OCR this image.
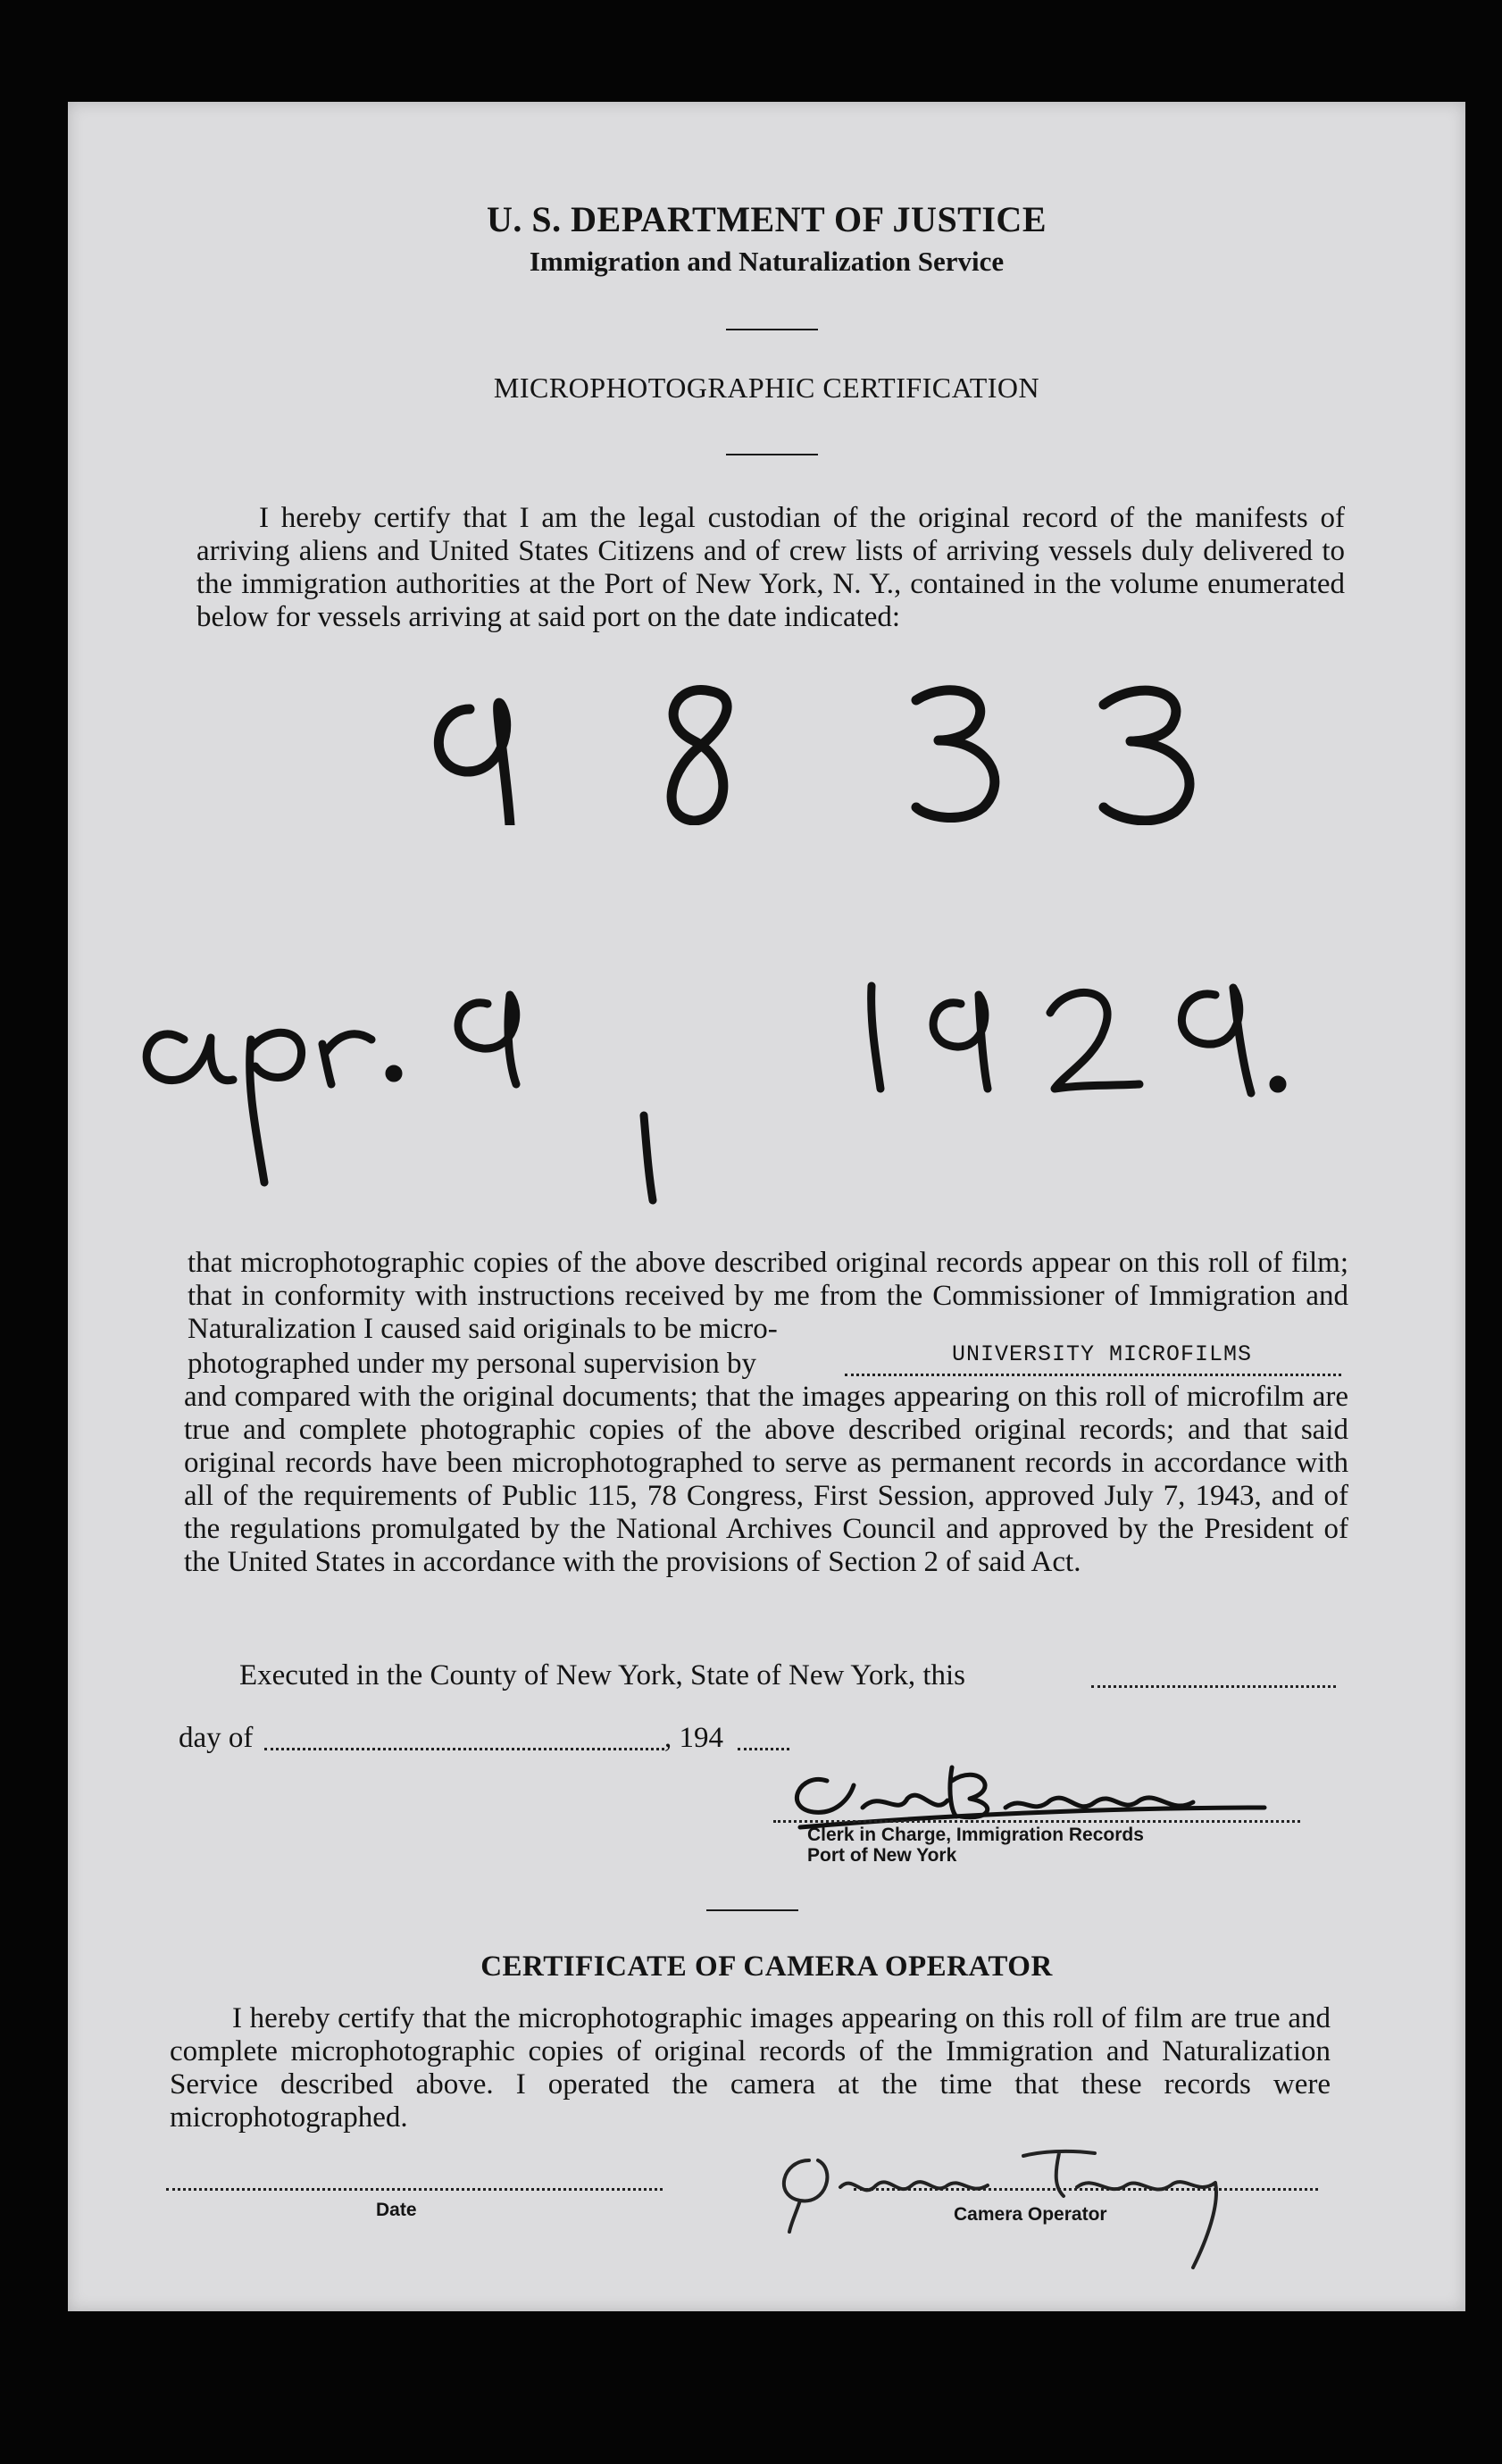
U. S. DEPARTMENT OF JUSTICE
Immigration and Naturalization Service
MICROPHOTOGRAPHIC CERTIFICATION
I hereby certify that I am the legal custodian of the original record of the manifests of arriving aliens and United States Citizens and of crew lists of arriving vessels duly delivered to the immigration authorities at the Port of New York, N. Y., contained in the volume enumerated below for vessels arriving at said port on the date indicated:
that microphotographic copies of the above described original records appear on this roll of film; that in conformity with instructions received by me from the Commissioner of Immigration and Naturalization I caused said originals to be micro-
photographed under my personal supervision by	UNIVERSITY MICROFILMS
and compared with the original documents; that the images appearing on this roll of microfilm are true and complete photographic copies of the above described original records; and that said original records have been microphotographed to serve as permanent records in accordance with all of the requirements of Public 115, 78 Congress, First Session, approved July 7, 1943, and of the regulations promulgated by the National Archives Council and approved by the President of the United States in accordance with the provisions of Section 2 of said Act.
Executed in the County of New York, State of New York, this
day of	, 194
Clerk in Charge, Immigration Records
Port of New York
CERTIFICATE OF CAMERA OPERATOR
I hereby certify that the microphotographic images appearing on this roll of film are true and complete microphotographic copies of original records of the Immigration and Naturalization Service described above. I operated the camera at the time that these records were microphotographed.
Date	Camera Operator
